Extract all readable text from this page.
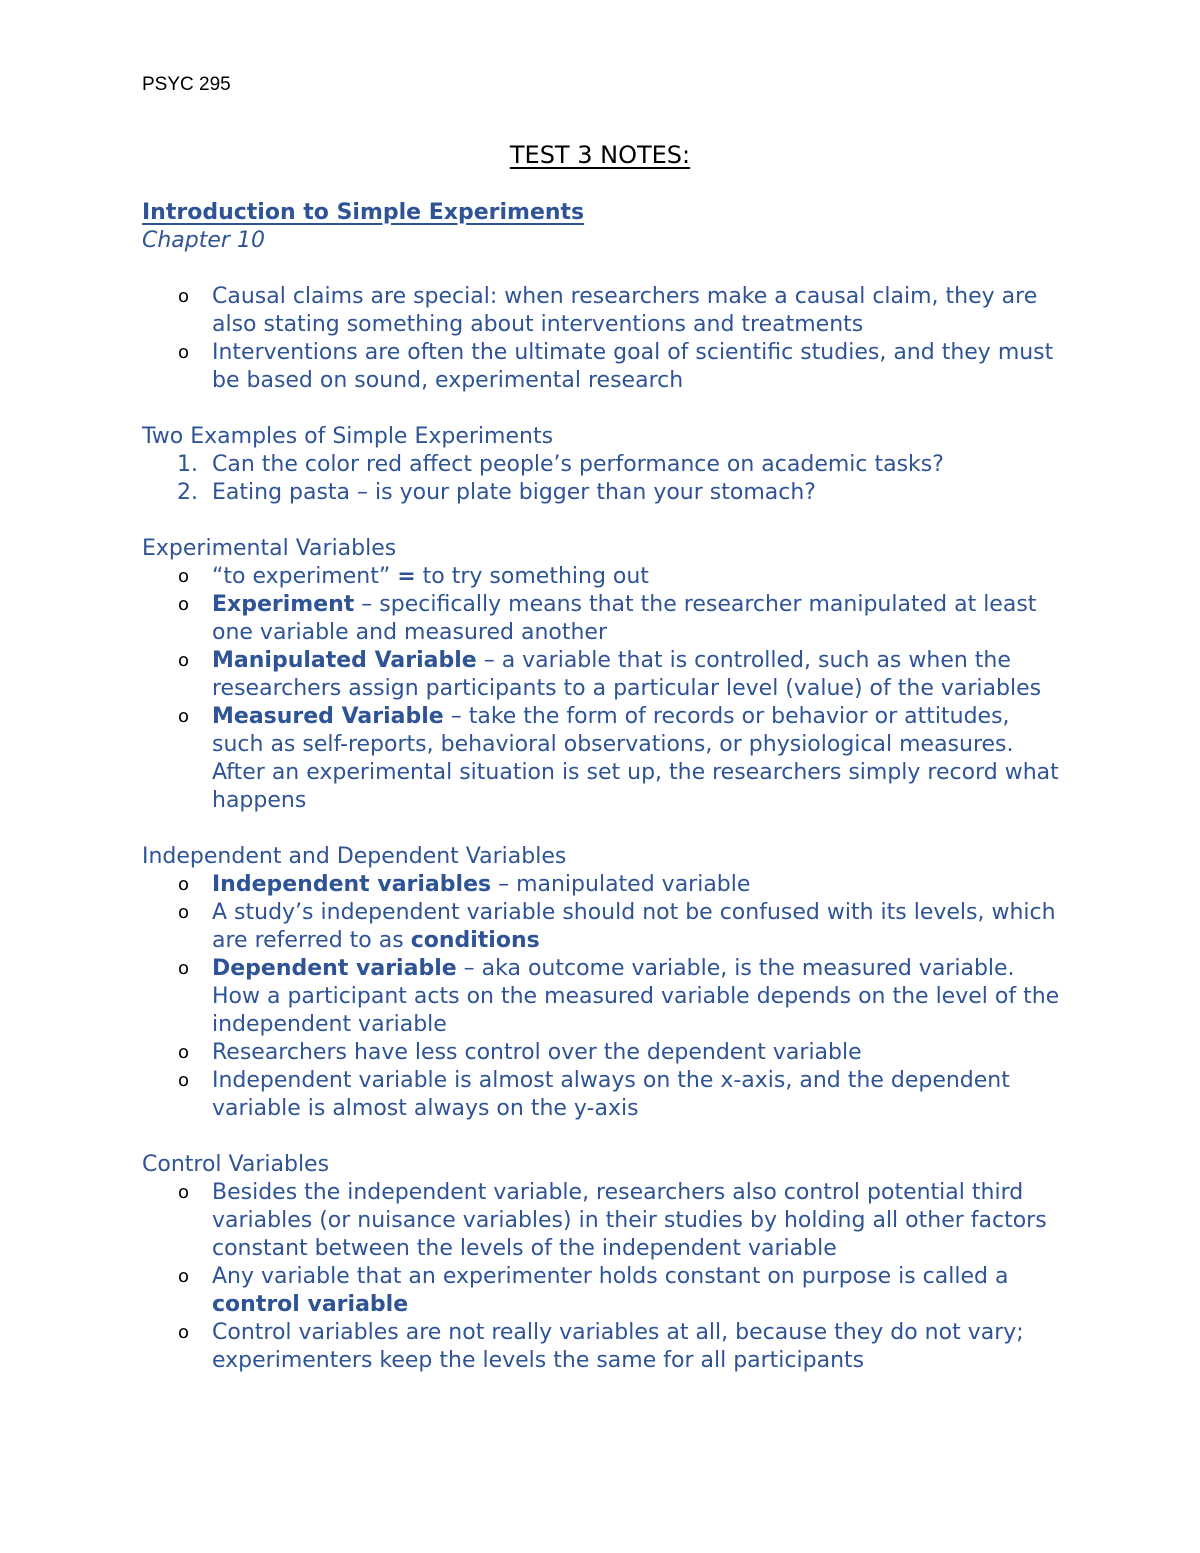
PSYC 295
TEST 3 NOTES:
Introduction to Simple Experiments
Chapter 10
o Causal claims are special: when researchers make a causal claim, they are also stating something about interventions and treatments
o Interventions are often the ultimate goal of scientific studies, and they must be based on sound, experimental research
Two Examples of Simple Experiments
1. Can the color red affect people’s performance on academic tasks?
2. Eating pasta – is your plate bigger than your stomach?
Experimental Variables
o “to experiment” = to try something out
o Experiment – specifically means that the researcher manipulated at least one variable and measured another
o Manipulated Variable – a variable that is controlled, such as when the researchers assign participants to a particular level (value) of the variables
o Measured Variable – take the form of records or behavior or attitudes, such as self-reports, behavioral observations, or physiological measures. After an experimental situation is set up, the researchers simply record what happens
Independent and Dependent Variables
o Independent variables – manipulated variable
o A study’s independent variable should not be confused with its levels, which are referred to as conditions
o Dependent variable – aka outcome variable, is the measured variable. How a participant acts on the measured variable depends on the level of the independent variable
o Researchers have less control over the dependent variable
o Independent variable is almost always on the x-axis, and the dependent variable is almost always on the y-axis
Control Variables
o Besides the independent variable, researchers also control potential third variables (or nuisance variables) in their studies by holding all other factors constant between the levels of the independent variable
o Any variable that an experimenter holds constant on purpose is called a control variable
o Control variables are not really variables at all, because they do not vary; experimenters keep the levels the same for all participants
